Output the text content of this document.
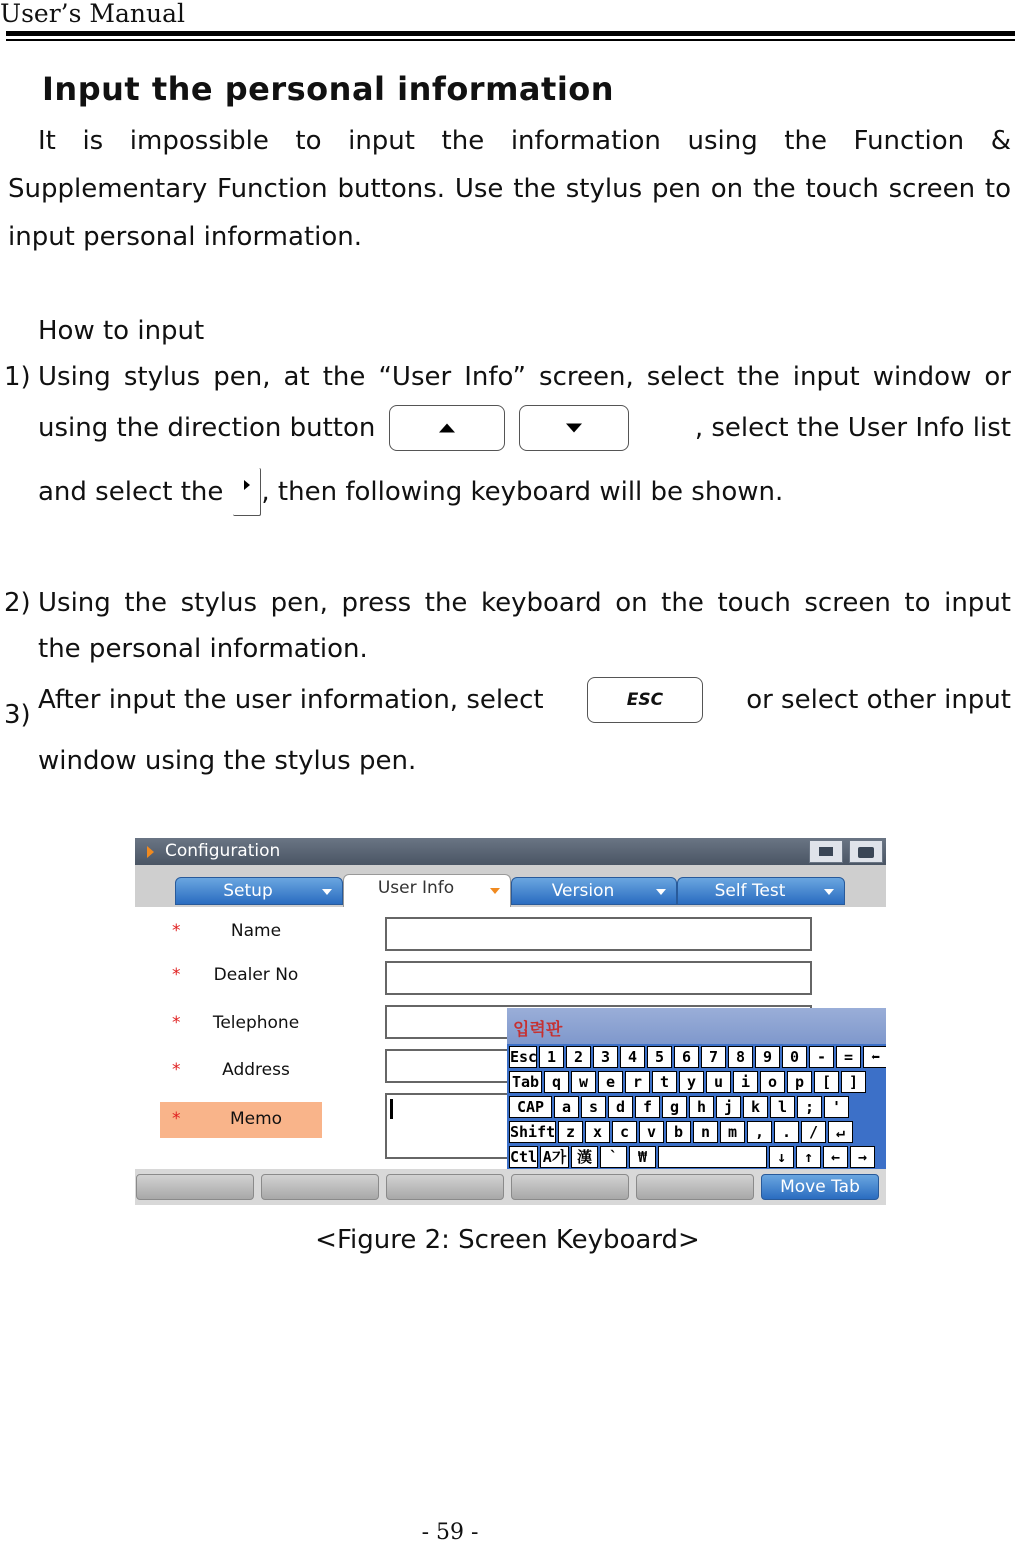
User’s Manual
Input the personal information
It is impossible to input the information using the Function & Supplementary Function buttons. Use the stylus pen on the touch screen to input personal information.
How to input
1) Using stylus pen, at the “User Info” screen, select the input window or
using the direction button	, select the User Info list
and select the , then following keyboard will be shown.
2) Using the stylus pen, press the keyboard on the touch screen to input
the personal information.
3) After input the user information, select	ESC	or select other input
window using the stylus pen.
Configuration
Setup	User Info	Version	Self Test
*	Name
*	Dealer No
*	Telephone
*	Address
*	Memo
입력판
Esc 1	2	3	4	5	6	7	8	9	0	-	=	⬅
Tab q	w	e	r	t	y	u	i	o	p	[	]
CAP	a	s	d	f	g	h	j	k	l	;	'
Shift z	x	c	v	b	n	m	,	.	/	↵
Ctl A가 漢	`	₩	↓	↑	←	→
Move Tab
<Figure 2: Screen Keyboard>
- 59 -
